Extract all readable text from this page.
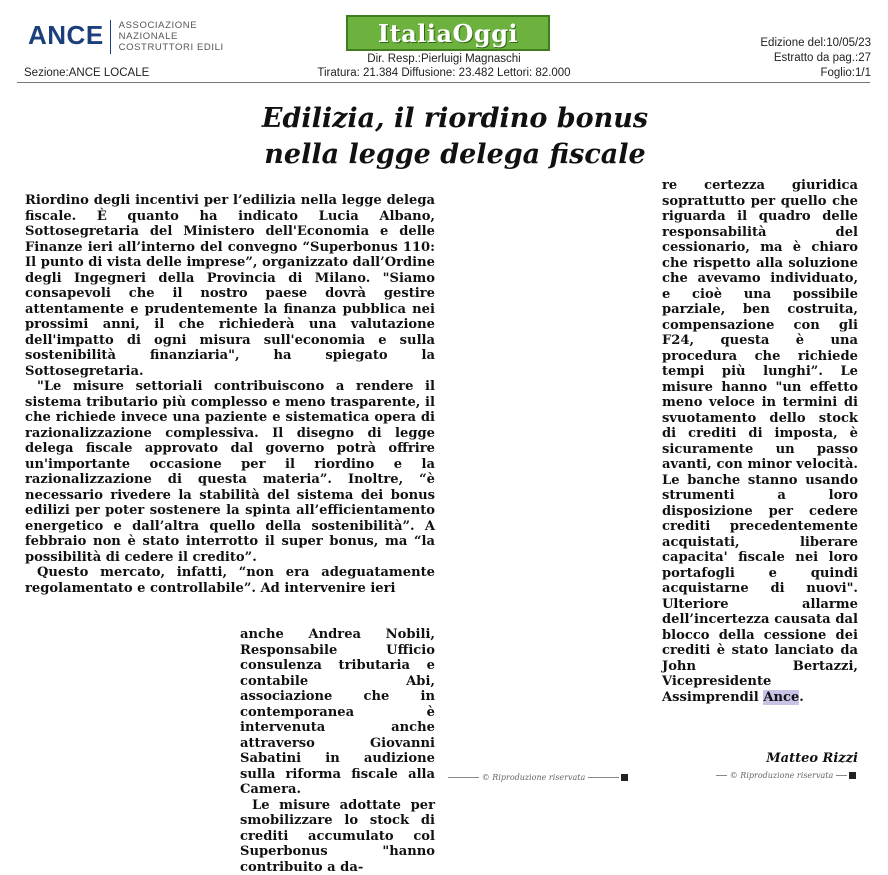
ANCE ASSOCIAZIONE
NAZIONALE
COSTRUTTORI EDILI
Sezione:ANCE LOCALE
ItaliaOggi
Dir. Resp.:Pierluigi Magnaschi
Tiratura: 21.384 Diffusione: 23.482 Lettori: 82.000
Edizione del:10/05/23
Estratto da pag.:27
Foglio:1/1
Edilizia, il riordino bonus
nella legge delega fiscale

Riordino degli incentivi per l’edilizia nella legge delega fiscale. È quanto ha indicato Lucia Albano, Sottosegretaria del Ministero dell'Economia e delle Finanze ieri all’interno del convegno “Superbonus 110: Il punto di vista delle imprese”, organizzato dall’Ordine degli Ingegneri della Provincia di Milano. "Siamo consapevoli che il nostro paese dovrà gestire attentamente e prudentemente la finanza pubblica nei prossimi anni, il che richiederà una valutazione dell'impatto di ogni misura sull'economia e sulla sostenibilità finanziaria", ha spiegato la Sottosegretaria.

"Le misure settoriali contribuiscono a rendere il sistema tributario più complesso e meno trasparente, il che richiede invece una paziente e sistematica opera di razionalizzazione complessiva. Il disegno di legge delega fiscale approvato dal governo potrà offrire un'importante occasione per il riordino e la razionalizzazione di questa materia”. Inoltre, “è necessario rivedere la stabilità del sistema dei bonus edilizi per poter sostenere la spinta all’efficientamento energetico e dall’altra quello della sostenibilità”. A febbraio non è stato interrotto il super bonus, ma “la possibilità di cedere il credito”.

Questo mercato, infatti, “non era adeguatamente regolamentato e controllabile”. Ad intervenire ieri

anche Andrea Nobili, Responsabile Ufficio consulenza tributaria e contabile Abi, associazione che in contemporanea è intervenuta anche attraverso Giovanni Sabatini in audizione sulla riforma fiscale alla Camera.

Le misure adottate per smobilizzare lo stock di crediti accumulato col Superbonus "hanno contribuito a da-

re certezza giuridica soprattutto per quello che riguarda il quadro delle responsabilità del cessionario, ma è chiaro che rispetto alla soluzione che avevamo individuato, e cioè una possibile parziale, ben costruita, compensazione con gli F24, questa è una procedura che richiede tempi più lunghi”. Le misure hanno "un effetto meno veloce in termini di svuotamento dello stock di crediti di imposta, è sicuramente un passo avanti, con minor velocità. Le banche stanno usando strumenti a loro disposizione per cedere crediti precedentemente acquistati, liberare capacita' fiscale nei loro portafogli e quindi acquistarne di nuovi". Ulteriore allarme dell’incertezza causata dal blocco della cessione dei crediti è stato lanciato da John Bertazzi, Vicepresidente Assimprendil Ance.

Matteo Rizzi
© Riproduzione riservata	© Riproduzione riservata
